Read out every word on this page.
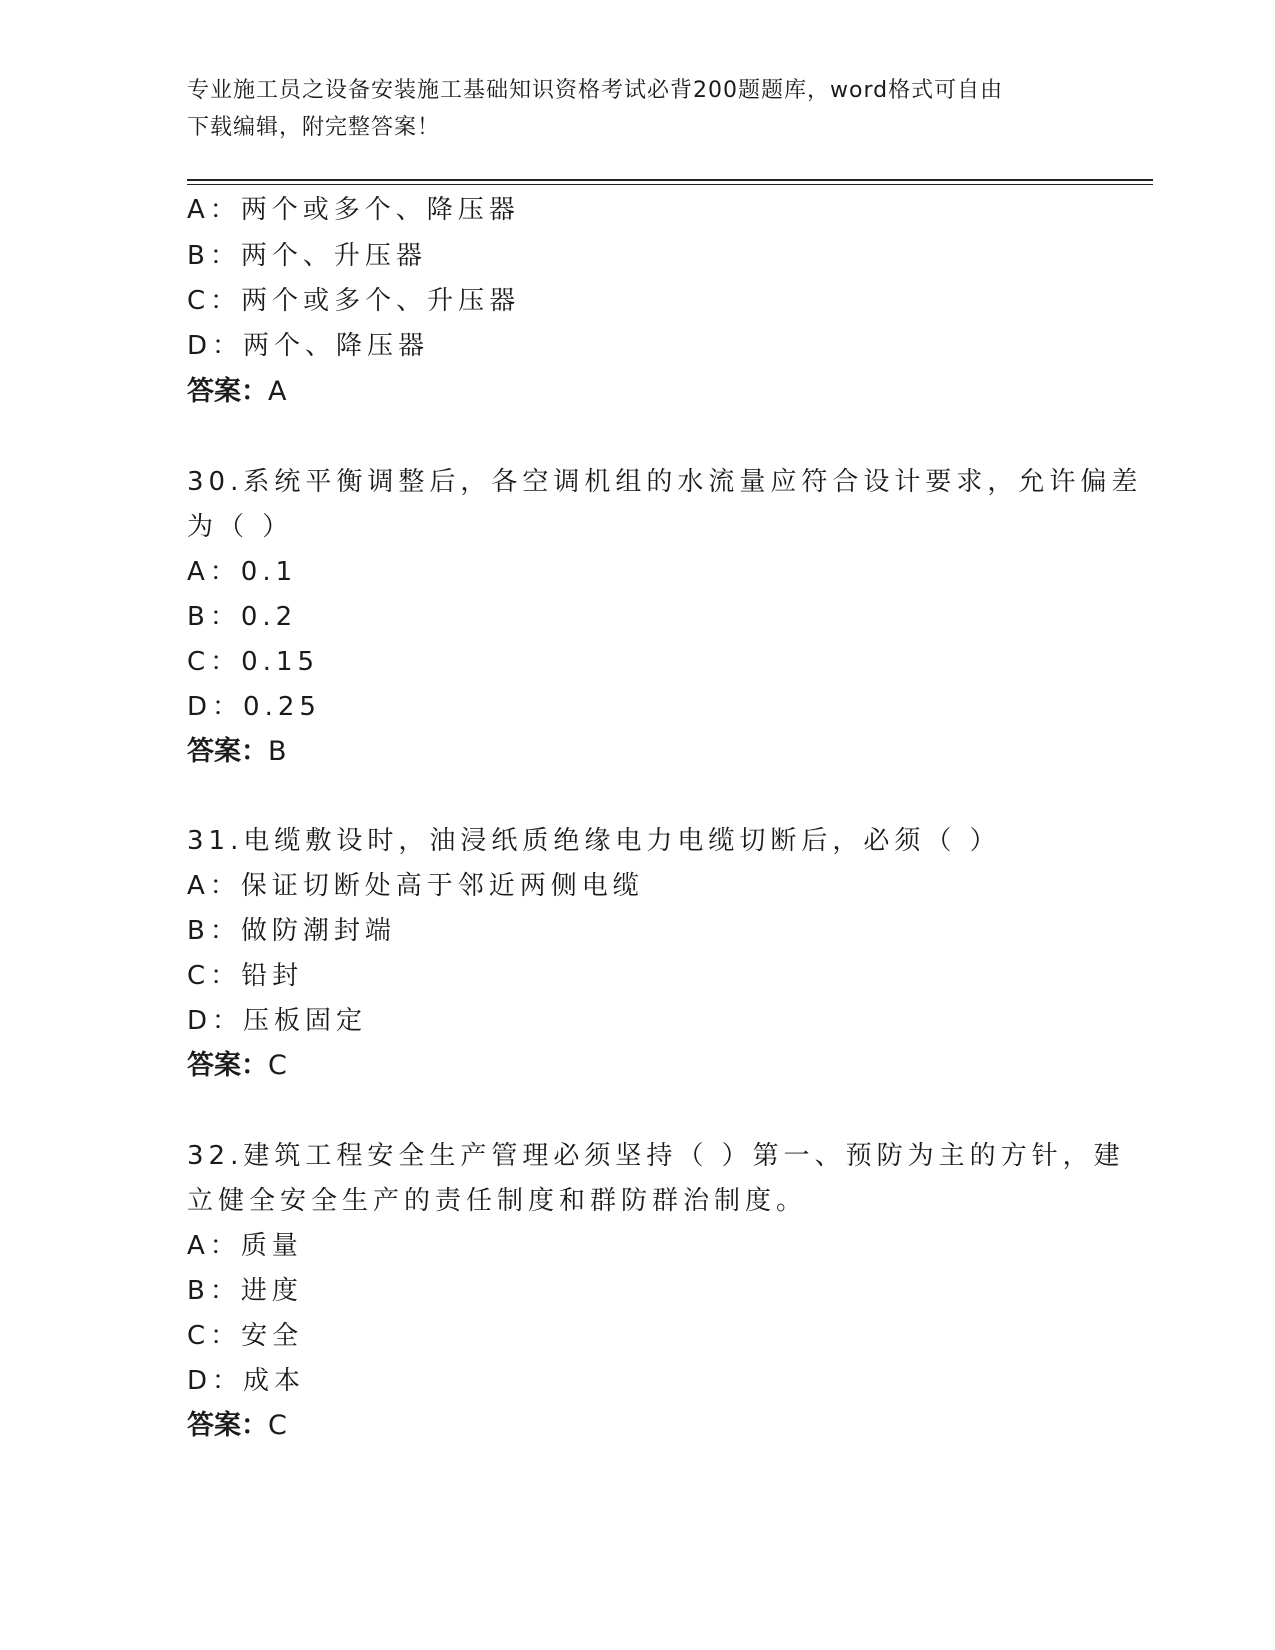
专业施工员之设备安装施工基础知识资格考试必背200题题库，word格式可自由
下载编辑，附完整答案！
A：两个或多个、降压器
B：两个、升压器
C：两个或多个、升压器
D：两个、降压器
答案：A
30.系统平衡调整后，各空调机组的水流量应符合设计要求，允许偏差
为（ ）
A：0.1
B：0.2
C：0.15
D：0.25
答案：B
31.电缆敷设时，油浸纸质绝缘电力电缆切断后，必须（ ）
A：保证切断处高于邻近两侧电缆
B：做防潮封端
C：铅封
D：压板固定
答案：C
32.建筑工程安全生产管理必须坚持（ ）第一、预防为主的方针，建
立健全安全生产的责任制度和群防群治制度。
A：质量
B：进度
C：安全
D：成本
答案：C
